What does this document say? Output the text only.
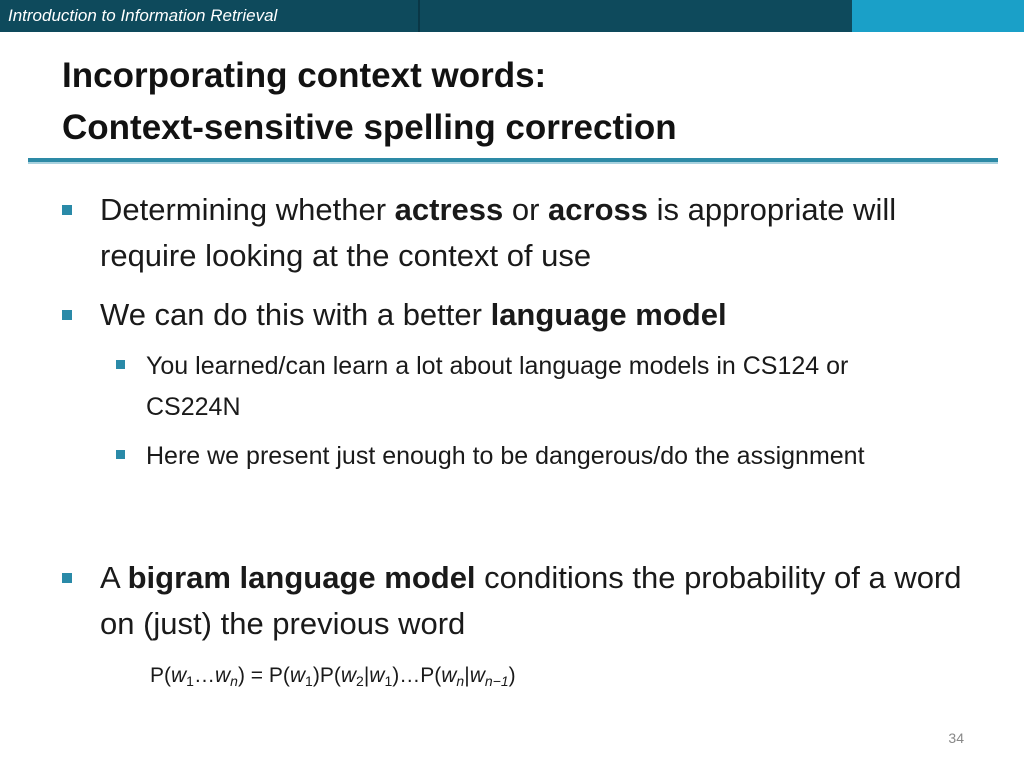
Introduction to Information Retrieval
Incorporating context words:
Context-sensitive spelling correction
Determining whether actress or across is appropriate will require looking at the context of use
We can do this with a better language model
You learned/can learn a lot about language models in CS124 or CS224N
Here we present just enough to be dangerous/do the assignment
A bigram language model conditions the probability of a word on (just) the previous word
$P(w_1\dots w_n)$ = $P(w_1)P(w_2|w_1)\dots P(w_n|w_{n-1})$
34
